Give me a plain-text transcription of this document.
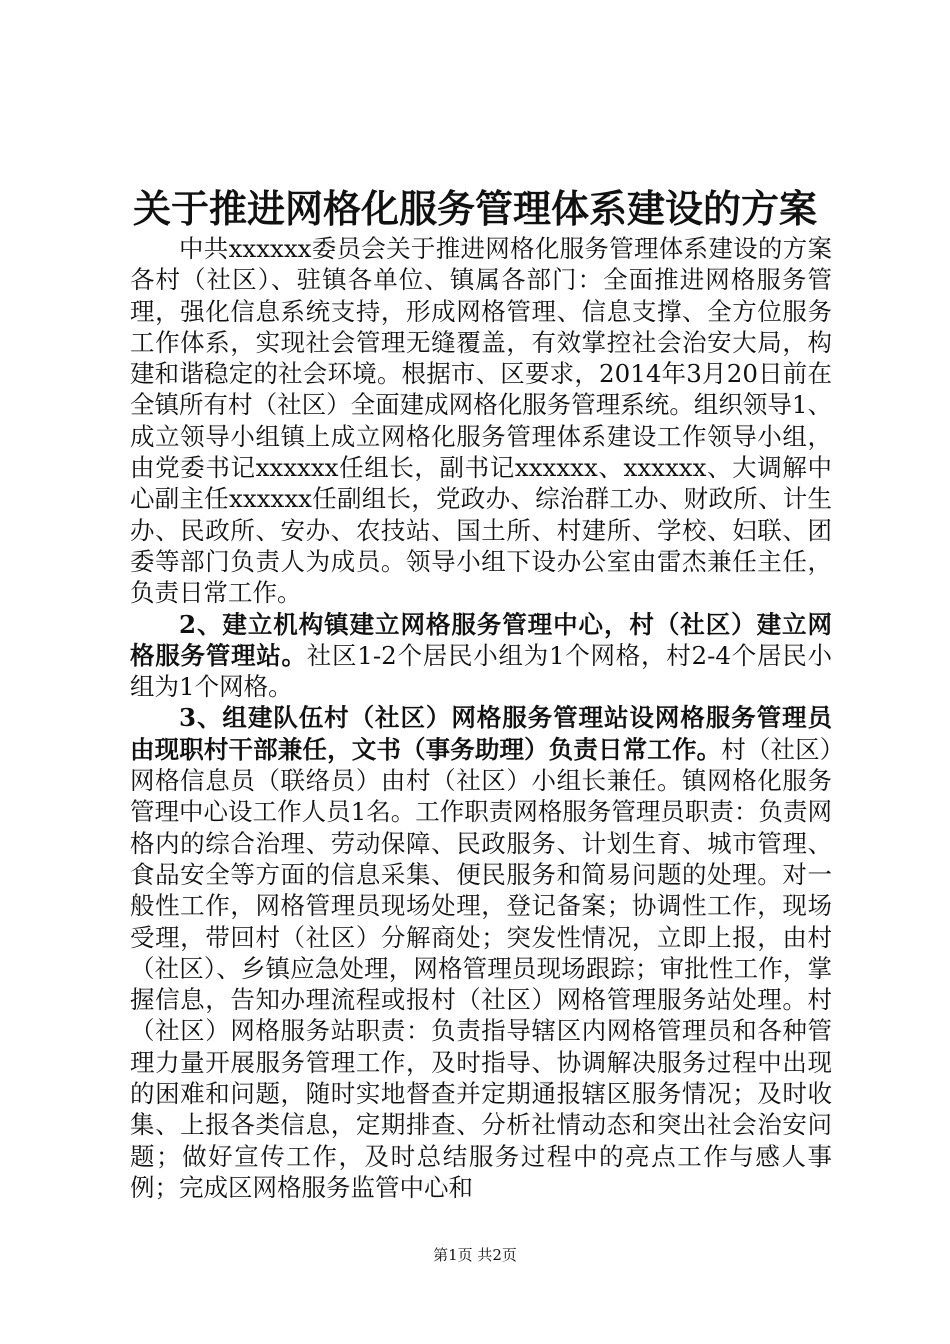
关于推进网格化服务管理体系建设的方案

中共xxxxxx委员会关于推进网格化服务管理体系建设的方案各村（社区）、驻镇各单位、镇属各部门：全面推进网格服务管理，强化信息系统支持，形成网格管理、信息支撑、全方位服务工作体系，实现社会管理无缝覆盖，有效掌控社会治安大局，构建和谐稳定的社会环境。根据市、区要求，2014年3月20日前在全镇所有村（社区）全面建成网格化服务管理系统。组织领导1、成立领导小组镇上成立网格化服务管理体系建设工作领导小组，由党委书记xxxxxx任组长，副书记xxxxxx、xxxxxx、大调解中心副主任xxxxxx任副组长，党政办、综治群工办、财政所、计生办、民政所、安办、农技站、国土所、村建所、学校、妇联、团委等部门负责人为成员。领导小组下设办公室由雷杰兼任主任，负责日常工作。

2、建立机构镇建立网格服务管理中心，村（社区）建立网格服务管理站。社区1-2个居民小组为1个网格，村2-4个居民小组为1个网格。

3、组建队伍村（社区）网格服务管理站设网格服务管理员由现职村干部兼任，文书（事务助理）负责日常工作。村（社区）网格信息员（联络员）由村（社区）小组长兼任。镇网格化服务管理中心设工作人员1名。工作职责网格服务管理员职责：负责网格内的综合治理、劳动保障、民政服务、计划生育、城市管理、食品安全等方面的信息采集、便民服务和简易问题的处理。对一般性工作，网格管理员现场处理，登记备案；协调性工作，现场受理，带回村（社区）分解商处；突发性情况，立即上报，由村（社区）、乡镇应急处理，网格管理员现场跟踪；审批性工作，掌握信息，告知办理流程或报村（社区）网格管理服务站处理。村（社区）网格服务站职责：负责指导辖区内网格管理员和各种管理力量开展服务管理工作，及时指导、协调解决服务过程中出现的困难和问题，随时实地督查并定期通报辖区服务情况；及时收集、上报各类信息，定期排查、分析社情动态和突出社会治安问题；做好宣传工作，及时总结服务过程中的亮点工作与感人事例；完成区网格服务监管中心和

第1页 共2页
